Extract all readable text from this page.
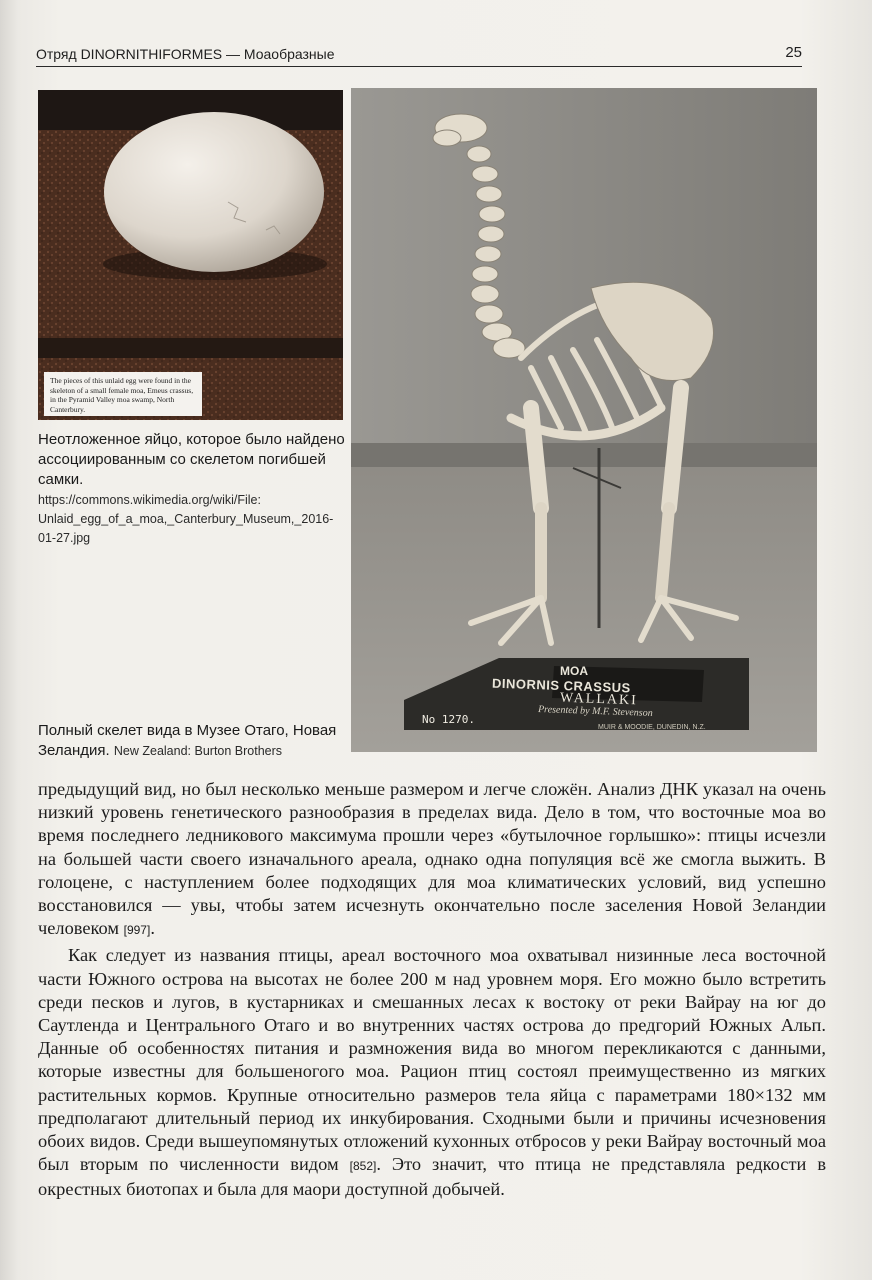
Отряд DINORNITHIFORMES — Моаобразные	25
The pieces of this unlaid egg were found in the skeleton of a small female moa, Emeus crassus, in the Pyramid Valley moa swamp, North Canterbury.
MOA
DINORNIS CRASSUS
WALLAKI
Presented by M.F. Stevenson
MUIR & MOODIE, DUNEDIN, N.Z.
No 1270.
Неотложенное яйцо, которое было найдено ассоциированным со скелетом погибшей самки.
https://commons.wikimedia.org/wiki/File: Unlaid_egg_of_a_moa,_Canterbury_Museum,_2016-01-27.jpg
Полный скелет вида в Музее Отаго, Новая Зеландия. New Zealand: Burton Brothers

предыдущий вид, но был несколько меньше размером и легче сложён. Анализ ДНК указал на очень низкий уровень генетического разнообразия в пределах вида. Дело в том, что восточные моа во время последнего ледникового максимума прошли через «бутылочное горлышко»: птицы исчезли на большей части своего изначального ареала, однако одна популяция всё же смогла выжить. В голоцене, с наступлением более подходящих для моа климатических условий, вид успешно восстановился — увы, чтобы затем исчезнуть окончательно после заселения Новой Зеландии человеком [997].

Как следует из названия птицы, ареал восточного моа охватывал низинные леса восточной части Южного острова на высотах не более 200 м над уровнем моря. Его можно было встретить среди песков и лугов, в кустарниках и смешанных лесах к востоку от реки Вайрау на юг до Саутленда и Центрального Отаго и во внутренних частях острова до предгорий Южных Альп. Данные об особенностях питания и размножения вида во многом перекликаются с данными, которые известны для большеногого моа. Рацион птиц состоял преимущественно из мягких растительных кормов. Крупные относительно размеров тела яйца с параметрами 180×132 мм предполагают длительный период их инкубирования. Сходными были и причины исчезновения обоих видов. Среди вышеупомянутых отложений кухонных отбросов у реки Вайрау восточный моа был вторым по численности видом [852]. Это значит, что птица не представляла редкости в окрестных биотопах и была для маори доступной добычей.
